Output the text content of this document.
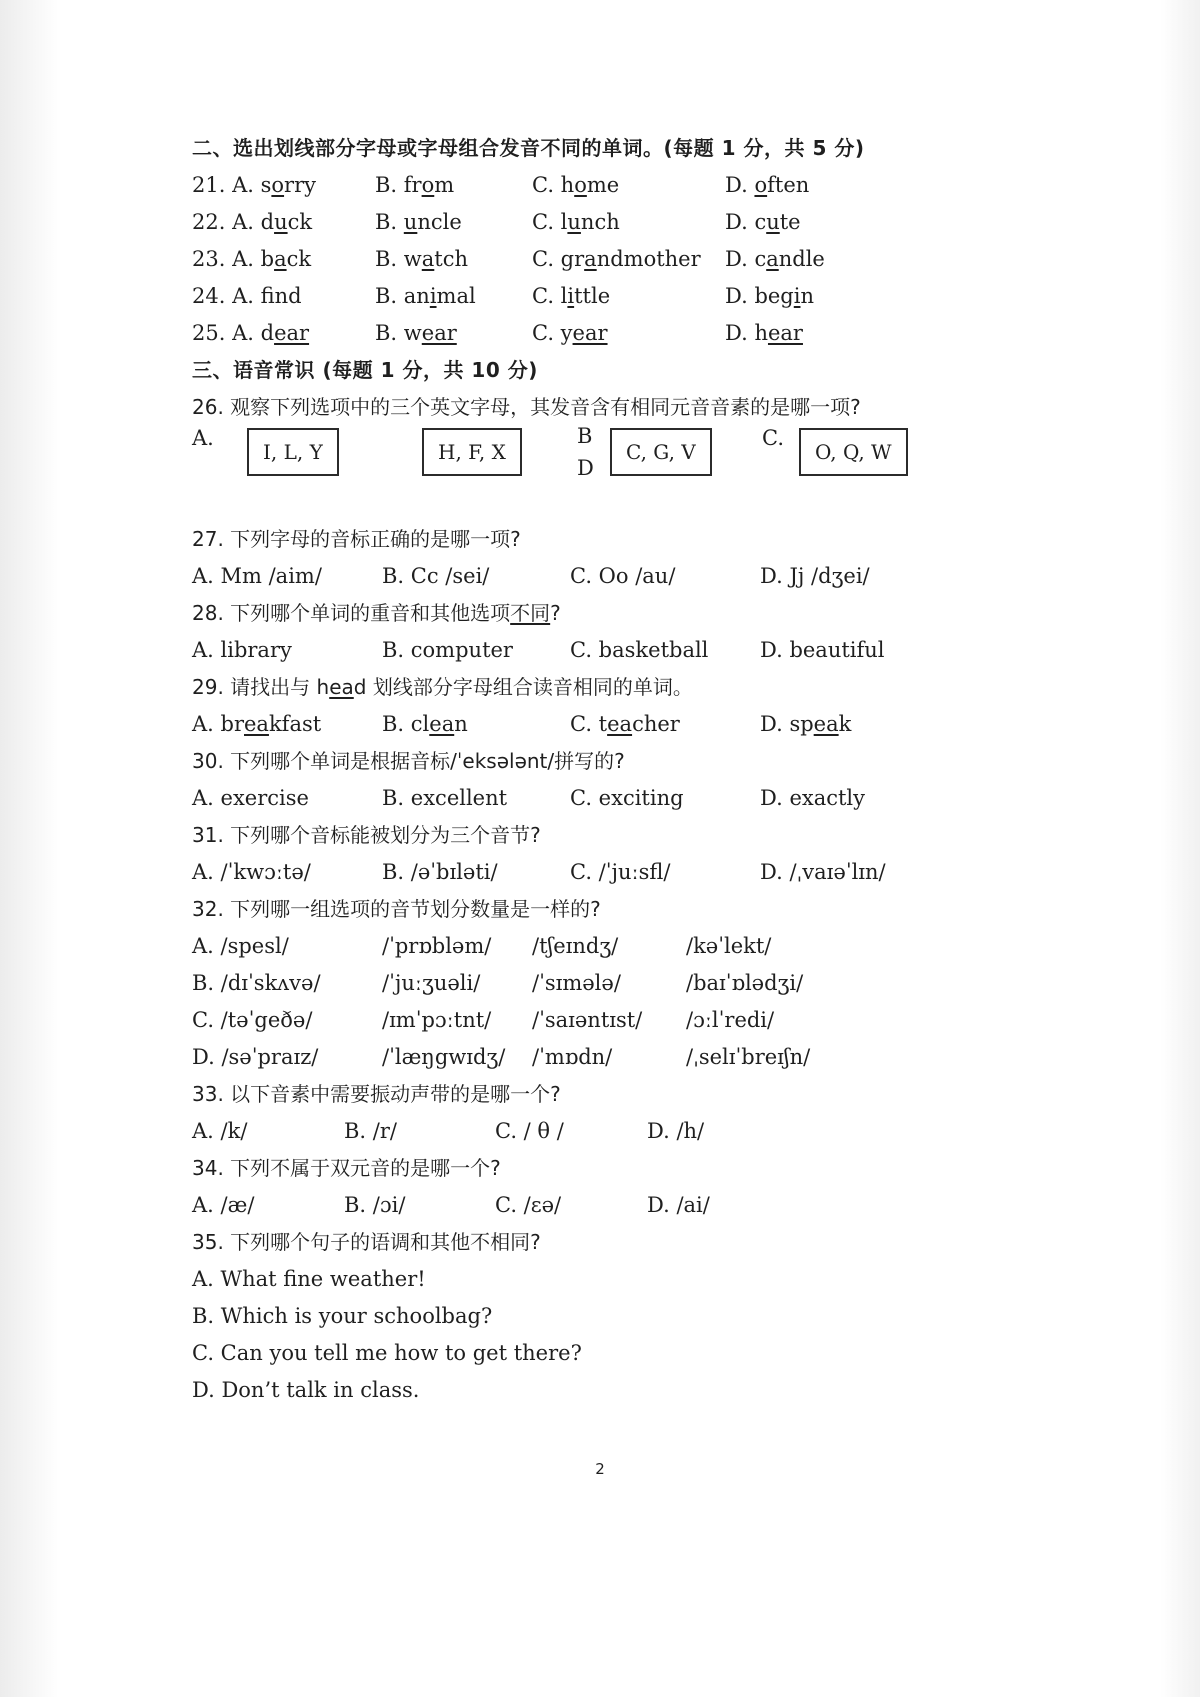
二、选出划线部分字母或字母组合发音不同的单词。(每题 1 分，共 5 分)
21. A. sorry	B. from	C. home	D. often
22. A. duck	B. uncle	C. lunch	D. cute
23. A. back	B. watch	C. grandmother D. candle
24. A. fnd	B. animal	C. little	D. begin
25. A. dear	B. wear	C. year	D. hear
三、语音常识 (每题 1 分，共 10 分)
26. 观察下列选项中的三个英文字母，其发音含有相同元音音素的是哪一项?
A.
I, L, Y	H, F, X
B
D
C, G, V
C.
O, Q, W
27. 下列字母的音标正确的是哪一项?
A. Mm /aim/	B. Cc /sei/	C. Oo /au/	D. Jj /dʒei/
28. 下列哪个单词的重音和其他选项不同?
A. library	B. computer	C. basketball D. beautiful
29. 请找出与 head 划线部分字母组合读音相同的单词。
A. breakfast	B. clean	C. teacher	D. speak
30. 下列哪个单词是根据音标/ˈeksələnt/拼写的?
A. exercise	B. excellent	C. exciting	D. exactly
31. 下列哪个音标能被划分为三个音节?
A. /ˈkwɔːtə/	B. /əˈbɪləti/	C. /ˈjuːsfl/	D. /ˌvaɪəˈlɪn/
32. 下列哪一组选项的音节划分数量是一样的?
A. /spesl/	/ˈprɒbləm/ /tʃeɪndʒ/	/kəˈlekt/
B. /dɪˈskʌvə/	/ˈjuːʒuəli/ /ˈsɪmələ/	/baɪˈɒlədʒi/
C. /təˈgeðə/	/ɪmˈpɔːtnt/ /ˈsaɪəntɪst/ /ɔːlˈredi/
D. /səˈpraɪz/	/ˈlæŋgwɪdʒ/ /ˈmɒdn/	/ˌselɪˈbreɪʃn/
33. 以下音素中需要振动声带的是哪一个?
A. /k/	B. /r/	C. / θ /	D. /h/
34. 下列不属于双元音的是哪一个?
A. /æ/	B. /ɔi/	C. /ɛə/	D. /ai/
35. 下列哪个句子的语调和其他不相同?
A. What fine weather!
B. Which is your schoolbag?
C. Can you tell me how to get there?
D. Don’t talk in class.
2
